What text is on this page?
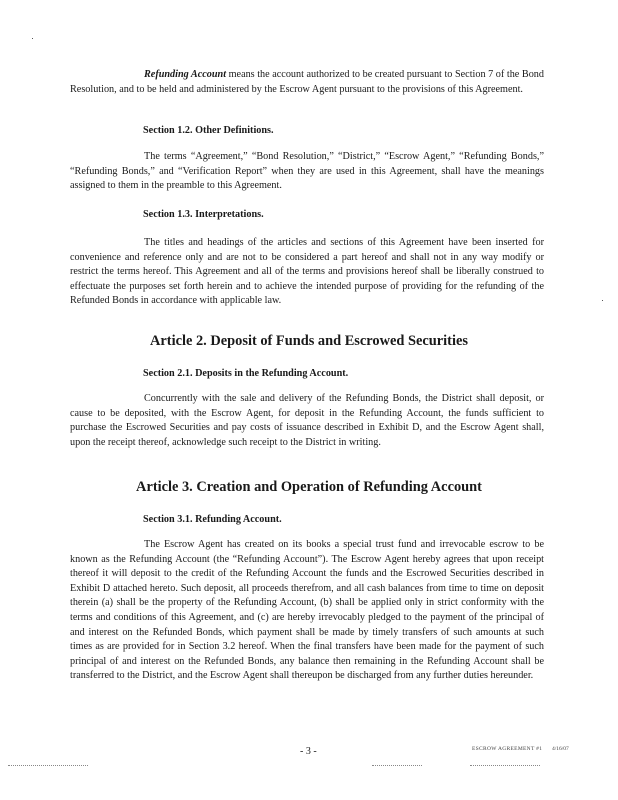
Refunding Account means the account authorized to be created pursuant to Section 7 of the Bond Resolution, and to be held and administered by the Escrow Agent pursuant to the provisions of this Agreement.

Section 1.2. Other Definitions.

The terms “Agreement,” “Bond Resolution,” “District,” “Escrow Agent,” “Refunding Bonds,” “Refunding Bonds,” and “Verification Report” when they are used in this Agreement, shall have the meanings assigned to them in the preamble to this Agreement.

Section 1.3. Interpretations.

The titles and headings of the articles and sections of this Agreement have been inserted for convenience and reference only and are not to be considered a part hereof and shall not in any way modify or restrict the terms hereof. This Agreement and all of the terms and provisions hereof shall be liberally construed to effectuate the purposes set forth herein and to achieve the intended purpose of providing for the refunding of the Refunded Bonds in accordance with applicable law.

Article 2. Deposit of Funds and Escrowed Securities

Section 2.1. Deposits in the Refunding Account.

Concurrently with the sale and delivery of the Refunding Bonds, the District shall deposit, or cause to be deposited, with the Escrow Agent, for deposit in the Refunding Account, the funds sufficient to purchase the Escrowed Securities and pay costs of issuance described in Exhibit D, and the Escrow Agent shall, upon the receipt thereof, acknowledge such receipt to the District in writing.

Article 3. Creation and Operation of Refunding Account

Section 3.1. Refunding Account.

The Escrow Agent has created on its books a special trust fund and irrevocable escrow to be known as the Refunding Account (the “Refunding Account”). The Escrow Agent hereby agrees that upon receipt thereof it will deposit to the credit of the Refunding Account the funds and the Escrowed Securities described in Exhibit D attached hereto. Such deposit, all proceeds therefrom, and all cash balances from time to time on deposit therein (a) shall be the property of the Refunding Account, (b) shall be applied only in strict conformity with the terms and conditions of this Agreement, and (c) are hereby irrevocably pledged to the payment of the principal of and interest on the Refunded Bonds, which payment shall be made by timely transfers of such amounts at such times as are provided for in Section 3.2 hereof. When the final transfers have been made for the payment of such principal of and interest on the Refunded Bonds, any balance then remaining in the Refunding Account shall be transferred to the District, and the Escrow Agent shall thereupon be discharged from any further duties hereunder.

- 3 -	ESCROW AGREEMENT #1 4/16/07
